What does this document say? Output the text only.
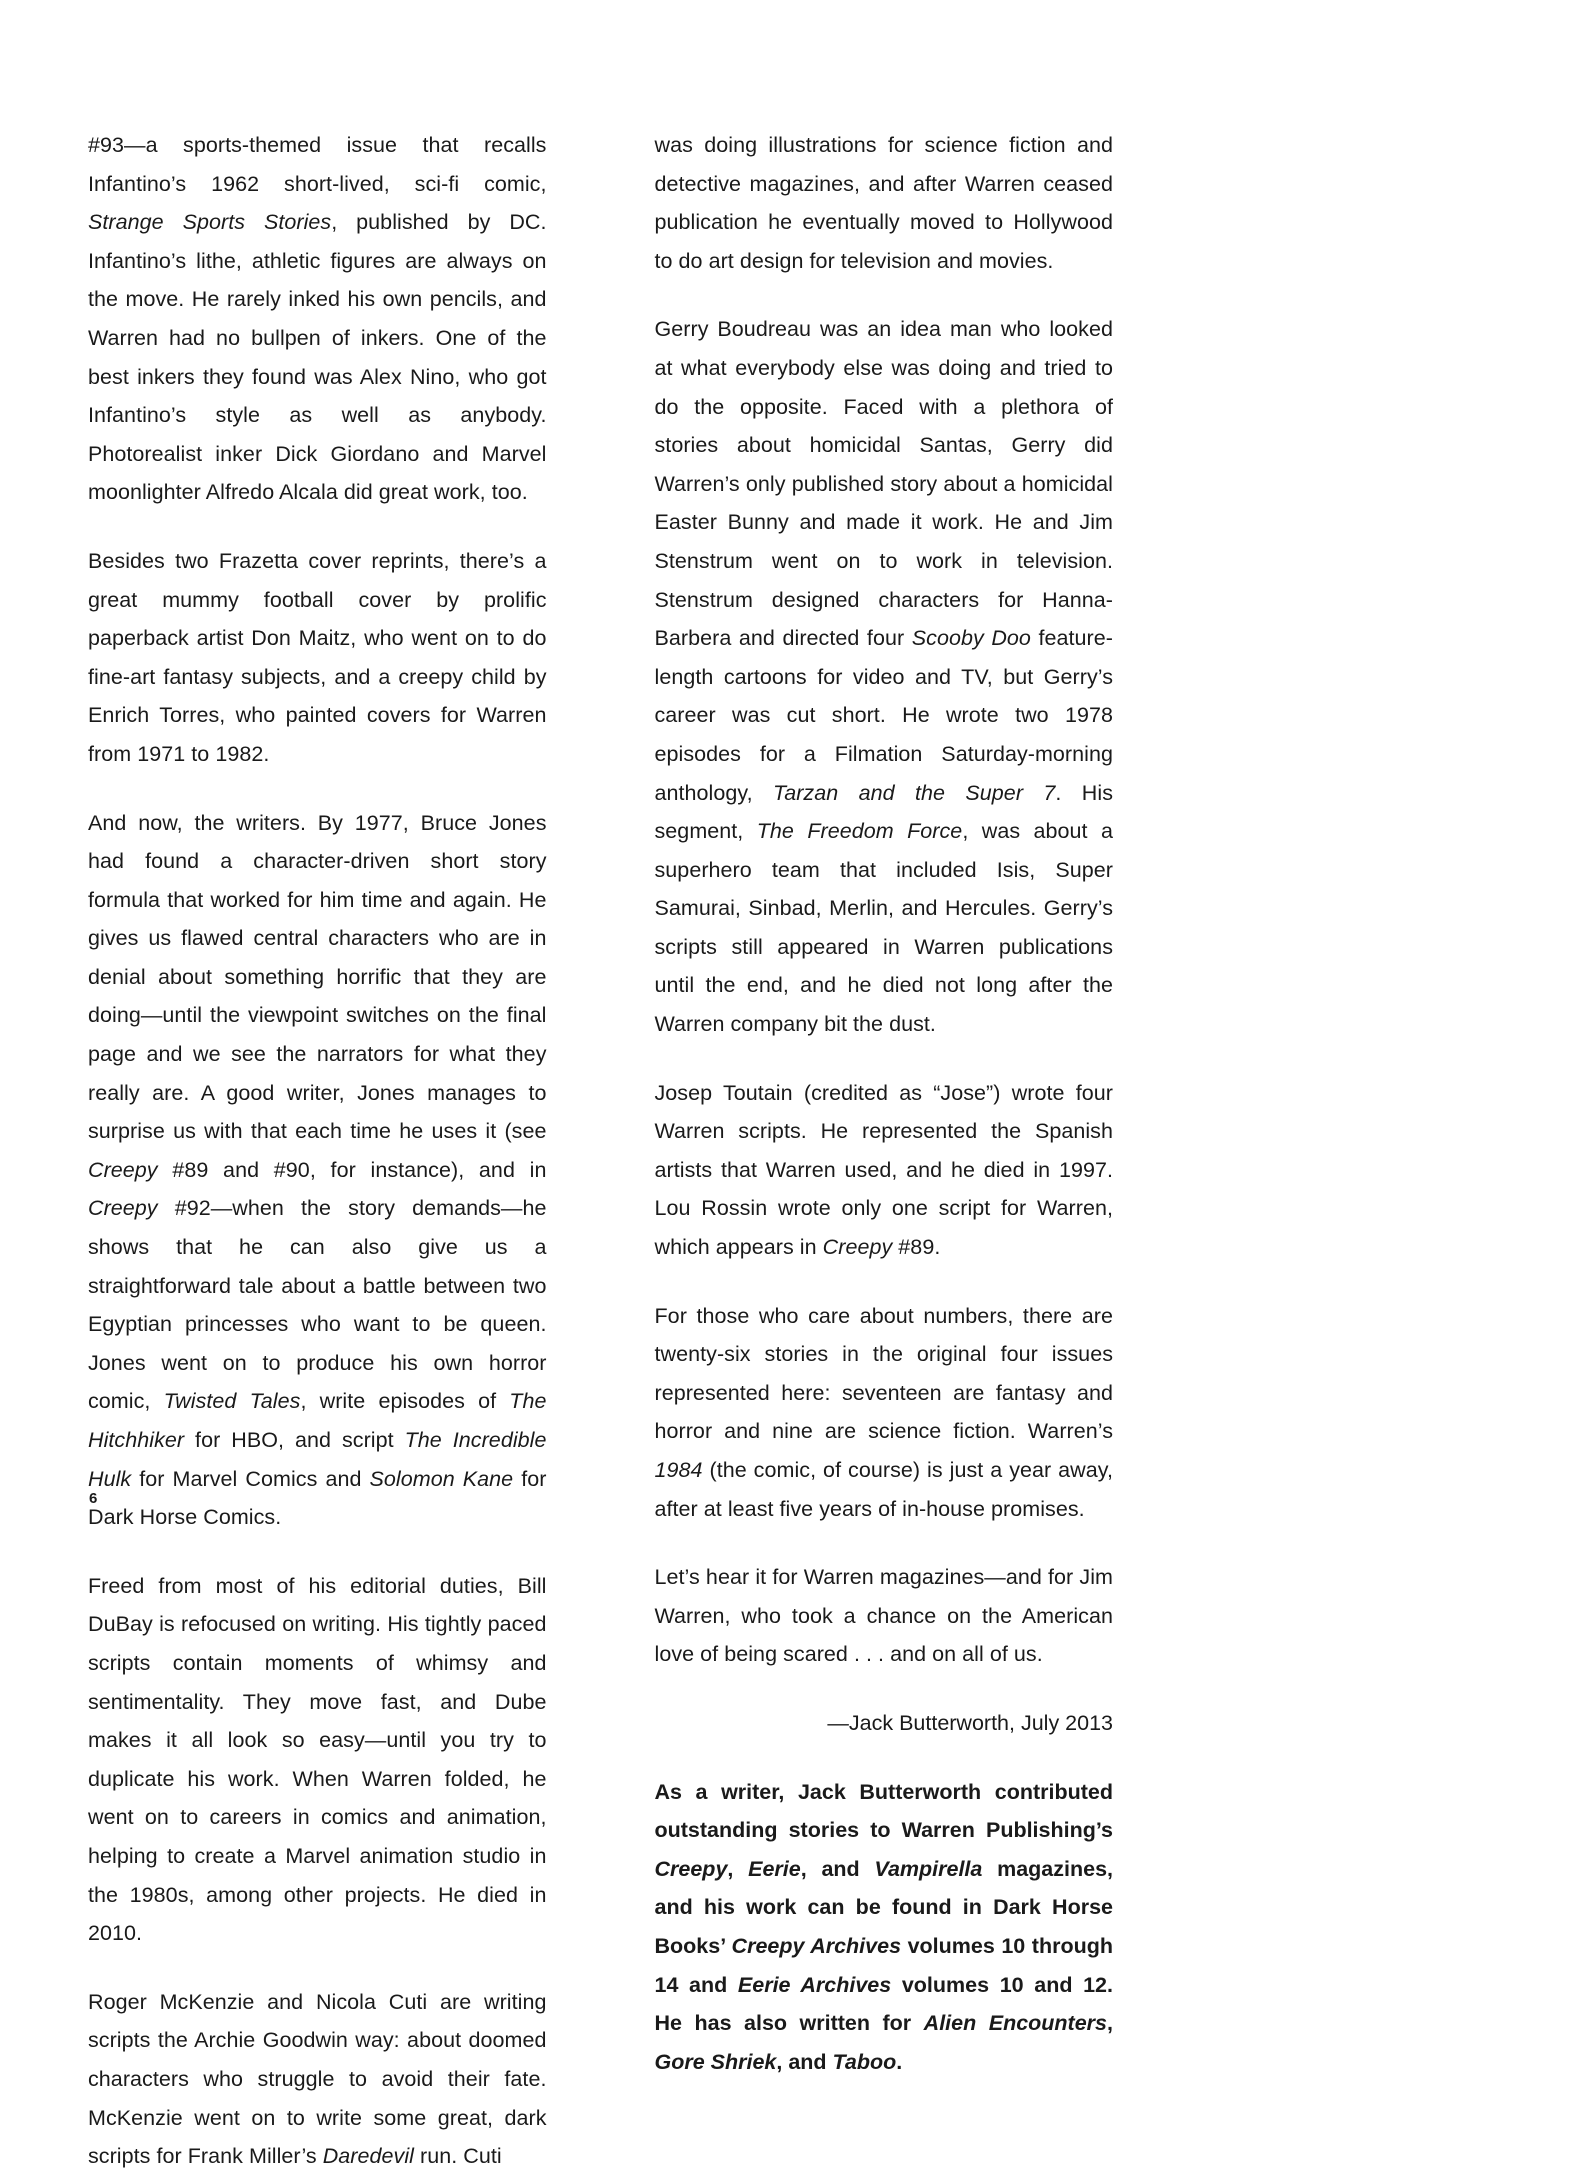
#93—a sports-themed issue that recalls Infantino’s 1962 short-lived, sci-fi comic, Strange Sports Stories, published by DC. Infantino’s lithe, athletic figures are always on the move. He rarely inked his own pencils, and Warren had no bullpen of inkers. One of the best inkers they found was Alex Nino, who got Infantino’s style as well as anybody. Photorealist inker Dick Giordano and Marvel moonlighter Alfredo Alcala did great work, too.

Besides two Frazetta cover reprints, there’s a great mummy football cover by prolific paperback artist Don Maitz, who went on to do fine-art fantasy subjects, and a creepy child by Enrich Torres, who painted covers for Warren from 1971 to 1982.

And now, the writers. By 1977, Bruce Jones had found a character-driven short story formula that worked for him time and again. He gives us flawed central characters who are in denial about something horrific that they are doing—until the viewpoint switches on the final page and we see the narrators for what they really are. A good writer, Jones manages to surprise us with that each time he uses it (see Creepy #89 and #90, for instance), and in Creepy #92—when the story demands—he shows that he can also give us a straightforward tale about a battle between two Egyptian princesses who want to be queen. Jones went on to produce his own horror comic, Twisted Tales, write episodes of The Hitchhiker for HBO, and script The Incredible Hulk for Marvel Comics and Solomon Kane for Dark Horse Comics.

Freed from most of his editorial duties, Bill DuBay is refocused on writing. His tightly paced scripts contain moments of whimsy and sentimentality. They move fast, and Dube makes it all look so easy—until you try to duplicate his work. When Warren folded, he went on to careers in comics and animation, helping to create a Marvel animation studio in the 1980s, among other projects. He died in 2010.

Roger McKenzie and Nicola Cuti are writing scripts the Archie Goodwin way: about doomed characters who struggle to avoid their fate. McKenzie went on to write some great, dark scripts for Frank Miller’s Daredevil run. Cuti

was doing illustrations for science fiction and detective magazines, and after Warren ceased publication he eventually moved to Hollywood to do art design for television and movies.

Gerry Boudreau was an idea man who looked at what everybody else was doing and tried to do the opposite. Faced with a plethora of stories about homicidal Santas, Gerry did Warren’s only published story about a homicidal Easter Bunny and made it work. He and Jim Stenstrum went on to work in television. Stenstrum designed characters for Hanna-Barbera and directed four Scooby Doo feature-length cartoons for video and TV, but Gerry’s career was cut short. He wrote two 1978 episodes for a Filmation Saturday-morning anthology, Tarzan and the Super 7. His segment, The Freedom Force, was about a superhero team that included Isis, Super Samurai, Sinbad, Merlin, and Hercules. Gerry’s scripts still appeared in Warren publications until the end, and he died not long after the Warren company bit the dust.

Josep Toutain (credited as “Jose”) wrote four Warren scripts. He represented the Spanish artists that Warren used, and he died in 1997. Lou Rossin wrote only one script for Warren, which appears in Creepy #89.

For those who care about numbers, there are twenty-six stories in the original four issues represented here: seventeen are fantasy and horror and nine are science fiction. Warren’s 1984 (the comic, of course) is just a year away, after at least five years of in-house promises.

Let’s hear it for Warren magazines—and for Jim Warren, who took a chance on the American love of being scared . . . and on all of us.

—Jack Butterworth, July 2013

As a writer, Jack Butterworth contributed outstanding stories to Warren Publishing’s Creepy, Eerie, and Vampirella magazines, and his work can be found in Dark Horse Books’ Creepy Archives volumes 10 through 14 and Eerie Archives volumes 10 and 12. He has also written for Alien Encounters, Gore Shriek, and Taboo.

6
